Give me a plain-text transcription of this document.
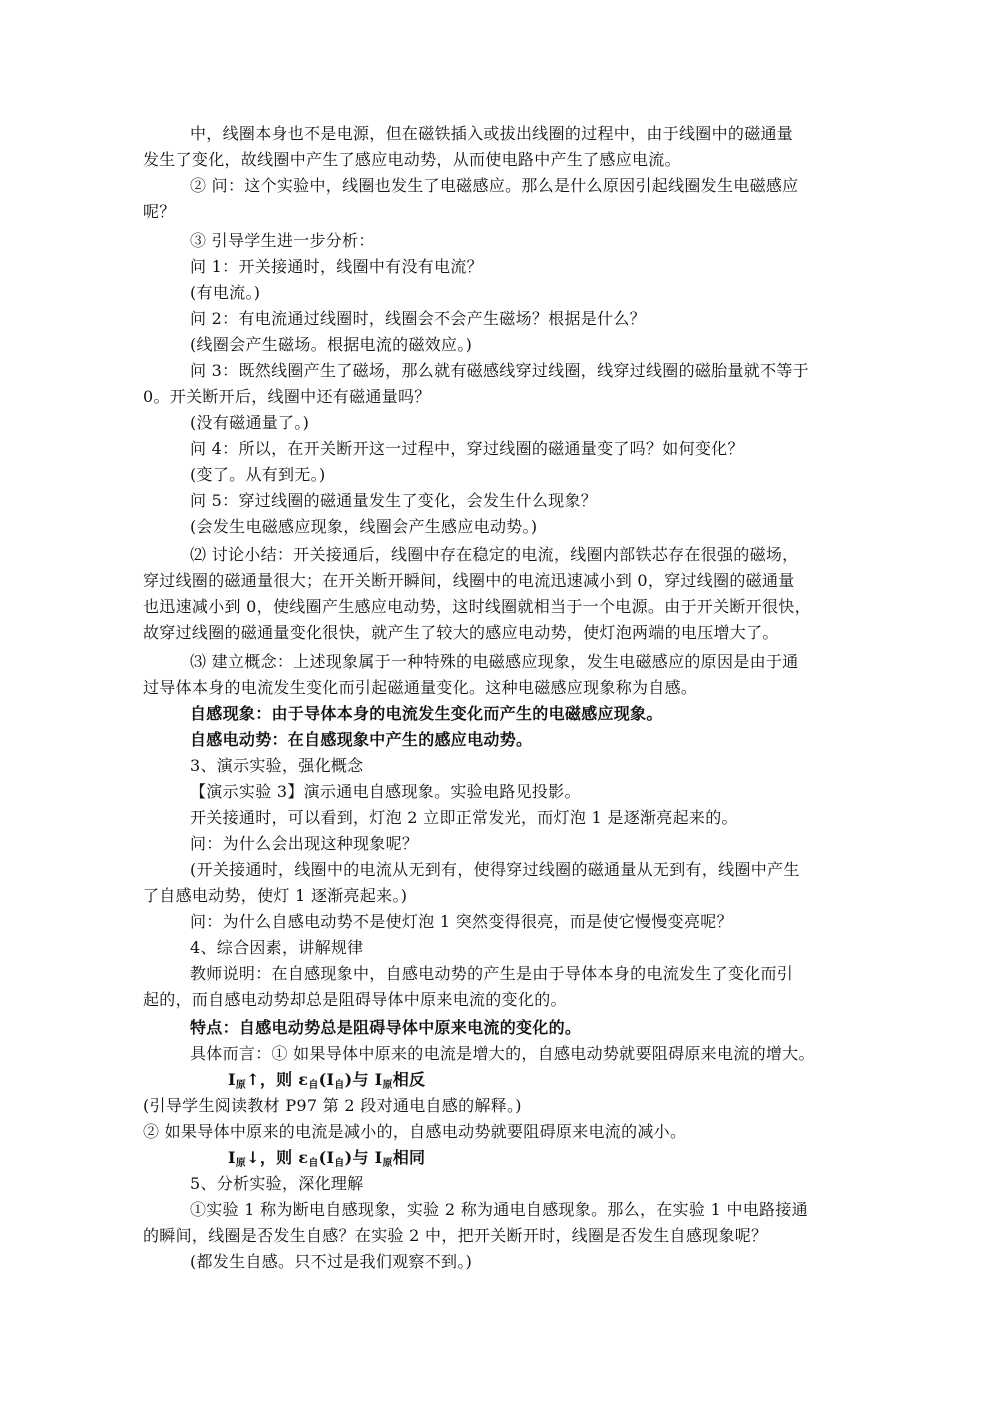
中，线圈本身也不是电源，但在磁铁插入或拔出线圈的过程中，由于线圈中的磁通量
发生了变化，故线圈中产生了感应电动势，从而使电路中产生了感应电流。
② 问：这个实验中，线圈也发生了电磁感应。那么是什么原因引起线圈发生电磁感应
呢？
③ 引导学生进一步分析：
问 1：开关接通时，线圈中有没有电流？
(有电流。)
问 2：有电流通过线圈时，线圈会不会产生磁场？根据是什么？
(线圈会产生磁场。根据电流的磁效应。)
问 3：既然线圈产生了磁场，那么就有磁感线穿过线圈，线穿过线圈的磁胎量就不等于
0。开关断开后，线圈中还有磁通量吗？
(没有磁通量了。)
问 4：所以，在开关断开这一过程中，穿过线圈的磁通量变了吗？如何变化？
(变了。从有到无。)
问 5：穿过线圈的磁通量发生了变化，会发生什么现象？
(会发生电磁感应现象，线圈会产生感应电动势。)
⑵ 讨论小结：开关接通后，线圈中存在稳定的电流，线圈内部铁芯存在很强的磁场，
穿过线圈的磁通量很大；在开关断开瞬间，线圈中的电流迅速减小到 0，穿过线圈的磁通量
也迅速减小到 0，使线圈产生感应电动势，这时线圈就相当于一个电源。由于开关断开很快，
故穿过线圈的磁通量变化很快，就产生了较大的感应电动势，使灯泡两端的电压增大了。
⑶ 建立概念：上述现象属于一种特殊的电磁感应现象，发生电磁感应的原因是由于通
过导体本身的电流发生变化而引起磁通量变化。这种电磁感应现象称为自感。
自感现象：由于导体本身的电流发生变化而产生的电磁感应现象。
自感电动势：在自感现象中产生的感应电动势。
3、演示实验，强化概念
【演示实验 3】演示通电自感现象。实验电路见投影。
开关接通时，可以看到，灯泡 2 立即正常发光，而灯泡 1 是逐渐亮起来的。
问：为什么会出现这种现象呢？
(开关接通时，线圈中的电流从无到有，使得穿过线圈的磁通量从无到有，线圈中产生
了自感电动势，使灯 1 逐渐亮起来。)
问：为什么自感电动势不是使灯泡 1 突然变得很亮，而是使它慢慢变亮呢？
4、综合因素，讲解规律
教师说明：在自感现象中，自感电动势的产生是由于导体本身的电流发生了变化而引
起的，而自感电动势却总是阻碍导体中原来电流的变化的。
特点：自感电动势总是阻碍导体中原来电流的变化的。
具体而言：① 如果导体中原来的电流是增大的，自感电动势就要阻碍原来电流的增大。
$I_原↑$，则 $\varepsilon_自(I_自)$与 $I_原$相反
(引导学生阅读教材 P97 第 2 段对通电自感的解释。)
② 如果导体中原来的电流是减小的，自感电动势就要阻碍原来电流的减小。
$I_原↓$，则 $\varepsilon_自(I_自)$与 $I_原$相同
5、分析实验，深化理解
①实验 1 称为断电自感现象，实验 2 称为通电自感现象。那么，在实验 1 中电路接通
的瞬间，线圈是否发生自感？在实验 2 中，把开关断开时，线圈是否发生自感现象呢？
(都发生自感。只不过是我们观察不到。)
